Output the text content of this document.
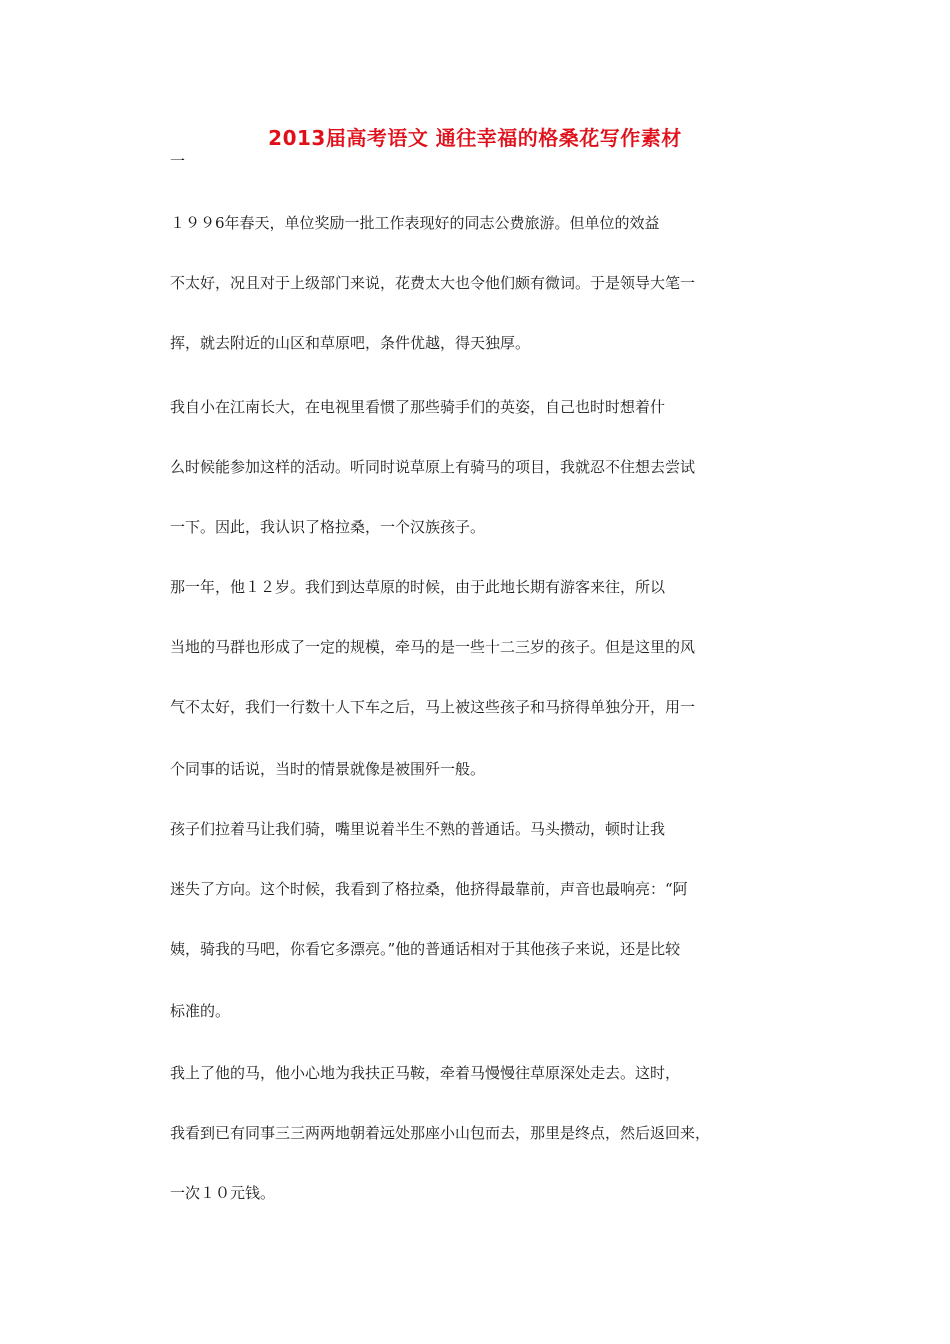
2013届高考语文 通往幸福的格桑花写作素材

一

１９９6年春天，单位奖励一批工作表现好的同志公费旅游。但单位的效益

不太好，况且对于上级部门来说，花费太大也令他们颇有微词。于是领导大笔一

挥，就去附近的山区和草原吧，条件优越，得天独厚。

我自小在江南长大，在电视里看惯了那些骑手们的英姿，自己也时时想着什

么时候能参加这样的活动。听同时说草原上有骑马的项目，我就忍不住想去尝试

一下。因此，我认识了格拉桑，一个汉族孩子。

那一年，他１２岁。我们到达草原的时候，由于此地长期有游客来往，所以

当地的马群也形成了一定的规模，牵马的是一些十二三岁的孩子。但是这里的风

气不太好，我们一行数十人下车之后，马上被这些孩子和马挤得单独分开，用一

个同事的话说，当时的情景就像是被围歼一般。

孩子们拉着马让我们骑，嘴里说着半生不熟的普通话。马头攒动，顿时让我

迷失了方向。这个时候，我看到了格拉桑，他挤得最靠前，声音也最响亮：“阿

姨，骑我的马吧，你看它多漂亮。”他的普通话相对于其他孩子来说，还是比较

标准的。

我上了他的马，他小心地为我扶正马鞍，牵着马慢慢往草原深处走去。这时，

我看到已有同事三三两两地朝着远处那座小山包而去，那里是终点，然后返回来，

一次１０元钱。
